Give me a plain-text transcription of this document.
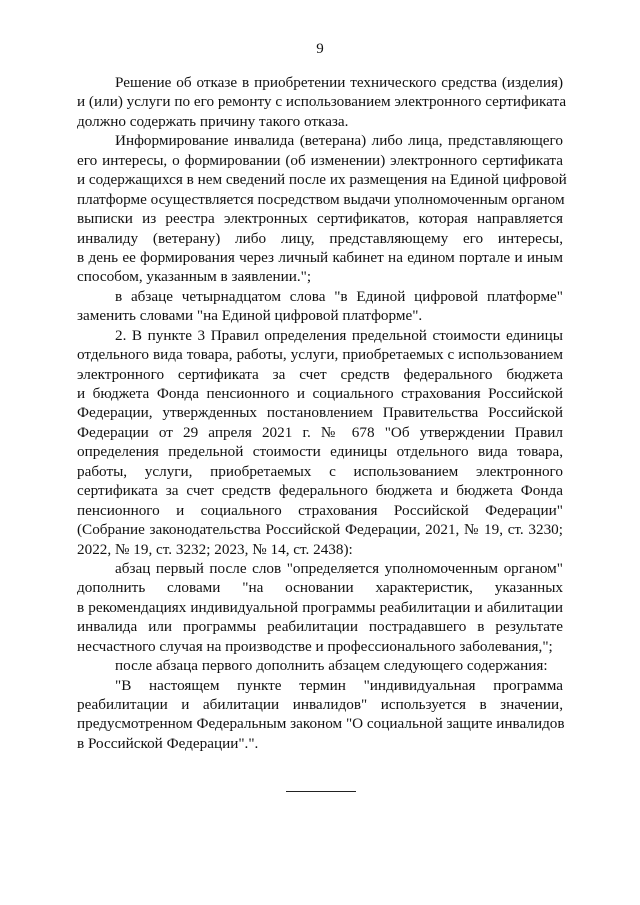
9
Решение об отказе в приобретении технического средства (изделия)
и (или) услуги по его ремонту с использованием электронного сертификата
должно содержать причину такого отказа.
Информирование инвалида (ветерана) либо лица, представляющего
его интересы, о формировании (об изменении) электронного сертификата
и содержащихся в нем сведений после их размещения на Единой цифровой
платформе осуществляется посредством выдачи уполномоченным органом
выписки из реестра электронных сертификатов, которая направляется
инвалиду (ветерану) либо лицу, представляющему его интересы,
в день ее формирования через личный кабинет на едином портале и иным
способом, указанным в заявлении.";
в абзаце четырнадцатом слова "в Единой цифровой платформе"
заменить словами "на Единой цифровой платформе".
2. В пункте 3 Правил определения предельной стоимости единицы
отдельного вида товара, работы, услуги, приобретаемых с использованием
электронного сертификата за счет средств федерального бюджета
и бюджета Фонда пенсионного и социального страхования Российской
Федерации, утвержденных постановлением Правительства Российской
Федерации от 29 апреля 2021 г. № 678 "Об утверждении Правил
определения предельной стоимости единицы отдельного вида товара,
работы, услуги, приобретаемых с использованием электронного
сертификата за счет средств федерального бюджета и бюджета Фонда
пенсионного и социального страхования Российской Федерации"
(Собрание законодательства Российской Федерации, 2021, № 19, ст. 3230;
2022, № 19, ст. 3232; 2023, № 14, ст. 2438):
абзац первый после слов "определяется уполномоченным органом"
дополнить словами "на основании характеристик, указанных
в рекомендациях индивидуальной программы реабилитации и абилитации
инвалида или программы реабилитации пострадавшего в результате
несчастного случая на производстве и профессионального заболевания,";
после абзаца первого дополнить абзацем следующего содержания:
"В настоящем пункте термин "индивидуальная программа
реабилитации и абилитации инвалидов" используется в значении,
предусмотренном Федеральным законом "О социальной защите инвалидов
в Российской Федерации".".
